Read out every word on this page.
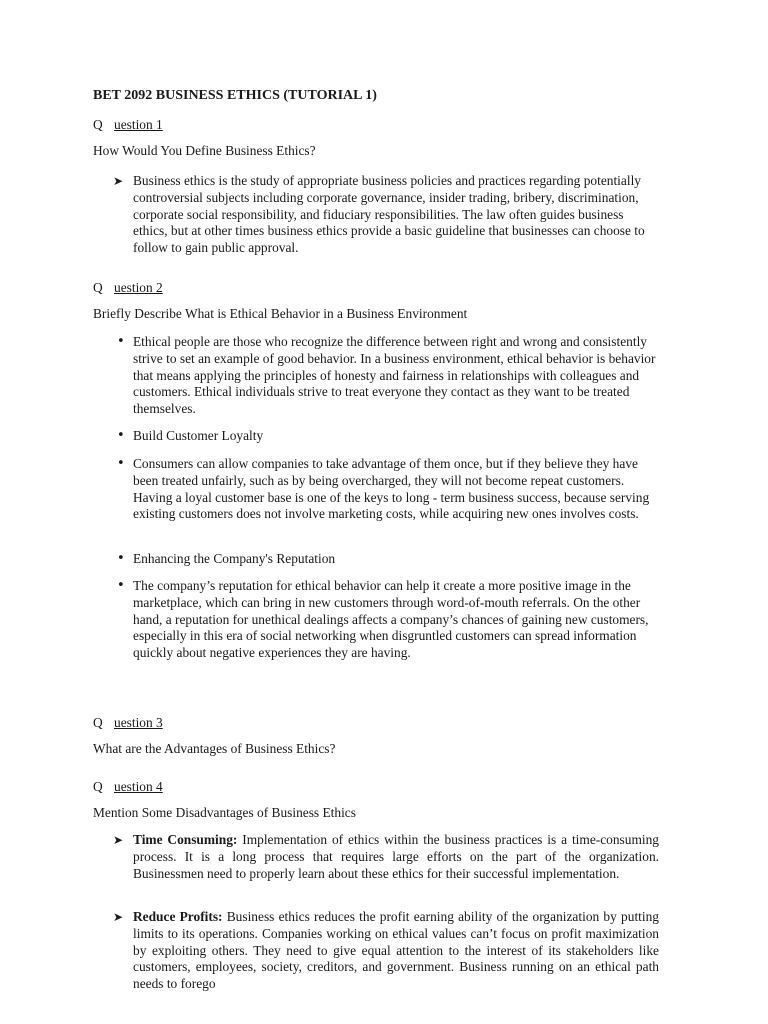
BET 2092 BUSINESS ETHICS (TUTORIAL 1)
Q uestion 1
How Would You Define Business Ethics?
➤ Business ethics is the study of appropriate business policies and practices regarding potentially controversial subjects including corporate governance, insider trading, bribery, discrimination, corporate social responsibility, and fiduciary responsibilities. The law often guides business ethics, but at other times business ethics provide a basic guideline that businesses can choose to follow to gain public approval.
Q uestion 2
Briefly Describe What is Ethical Behavior in a Business Environment
• Ethical people are those who recognize the difference between right and wrong and consistently strive to set an example of good behavior. In a business environment, ethical behavior is behavior that means applying the principles of honesty and fairness in relationships with colleagues and customers. Ethical individuals strive to treat everyone they contact as they want to be treated themselves.
• Build Customer Loyalty
• Consumers can allow companies to take advantage of them once, but if they believe they have been treated unfairly, such as by being overcharged, they will not become repeat customers. Having a loyal customer base is one of the keys to long - term business success, because serving existing customers does not involve marketing costs, while acquiring new ones involves costs.
• Enhancing the Company's Reputation
• The company’s reputation for ethical behavior can help it create a more positive image in the marketplace, which can bring in new customers through word-of-mouth referrals. On the other hand, a reputation for unethical dealings affects a company’s chances of gaining new customers, especially in this era of social networking when disgruntled customers can spread information quickly about negative experiences they are having.
Q uestion 3
What are the Advantages of Business Ethics?
Q uestion 4
Mention Some Disadvantages of Business Ethics
➤ Time Consuming: Implementation of ethics within the business practices is a time-consuming process. It is a long process that requires large efforts on the part of the organization. Businessmen need to properly learn about these ethics for their successful implementation.
➤ Reduce Profits: Business ethics reduces the profit earning ability of the organization by putting limits to its operations. Companies working on ethical values can’t focus on profit maximization by exploiting others. They need to give equal attention to the interest of its stakeholders like customers, employees, society, creditors, and government. Business running on an ethical path needs to forego
